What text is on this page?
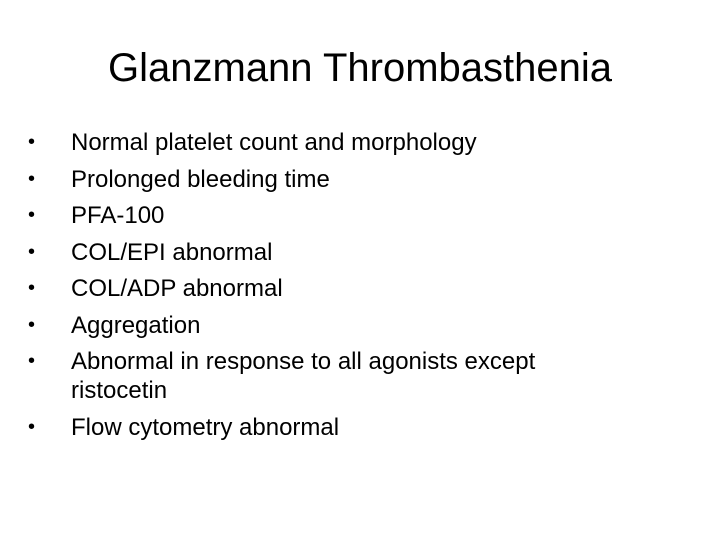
Glanzmann Thrombasthenia
• Normal platelet count and morphology
• Prolonged bleeding time
• PFA-100
• COL/EPI abnormal
• COL/ADP abnormal
• Aggregation
• Abnormal in response to all agonists except ristocetin
• Flow cytometry abnormal
